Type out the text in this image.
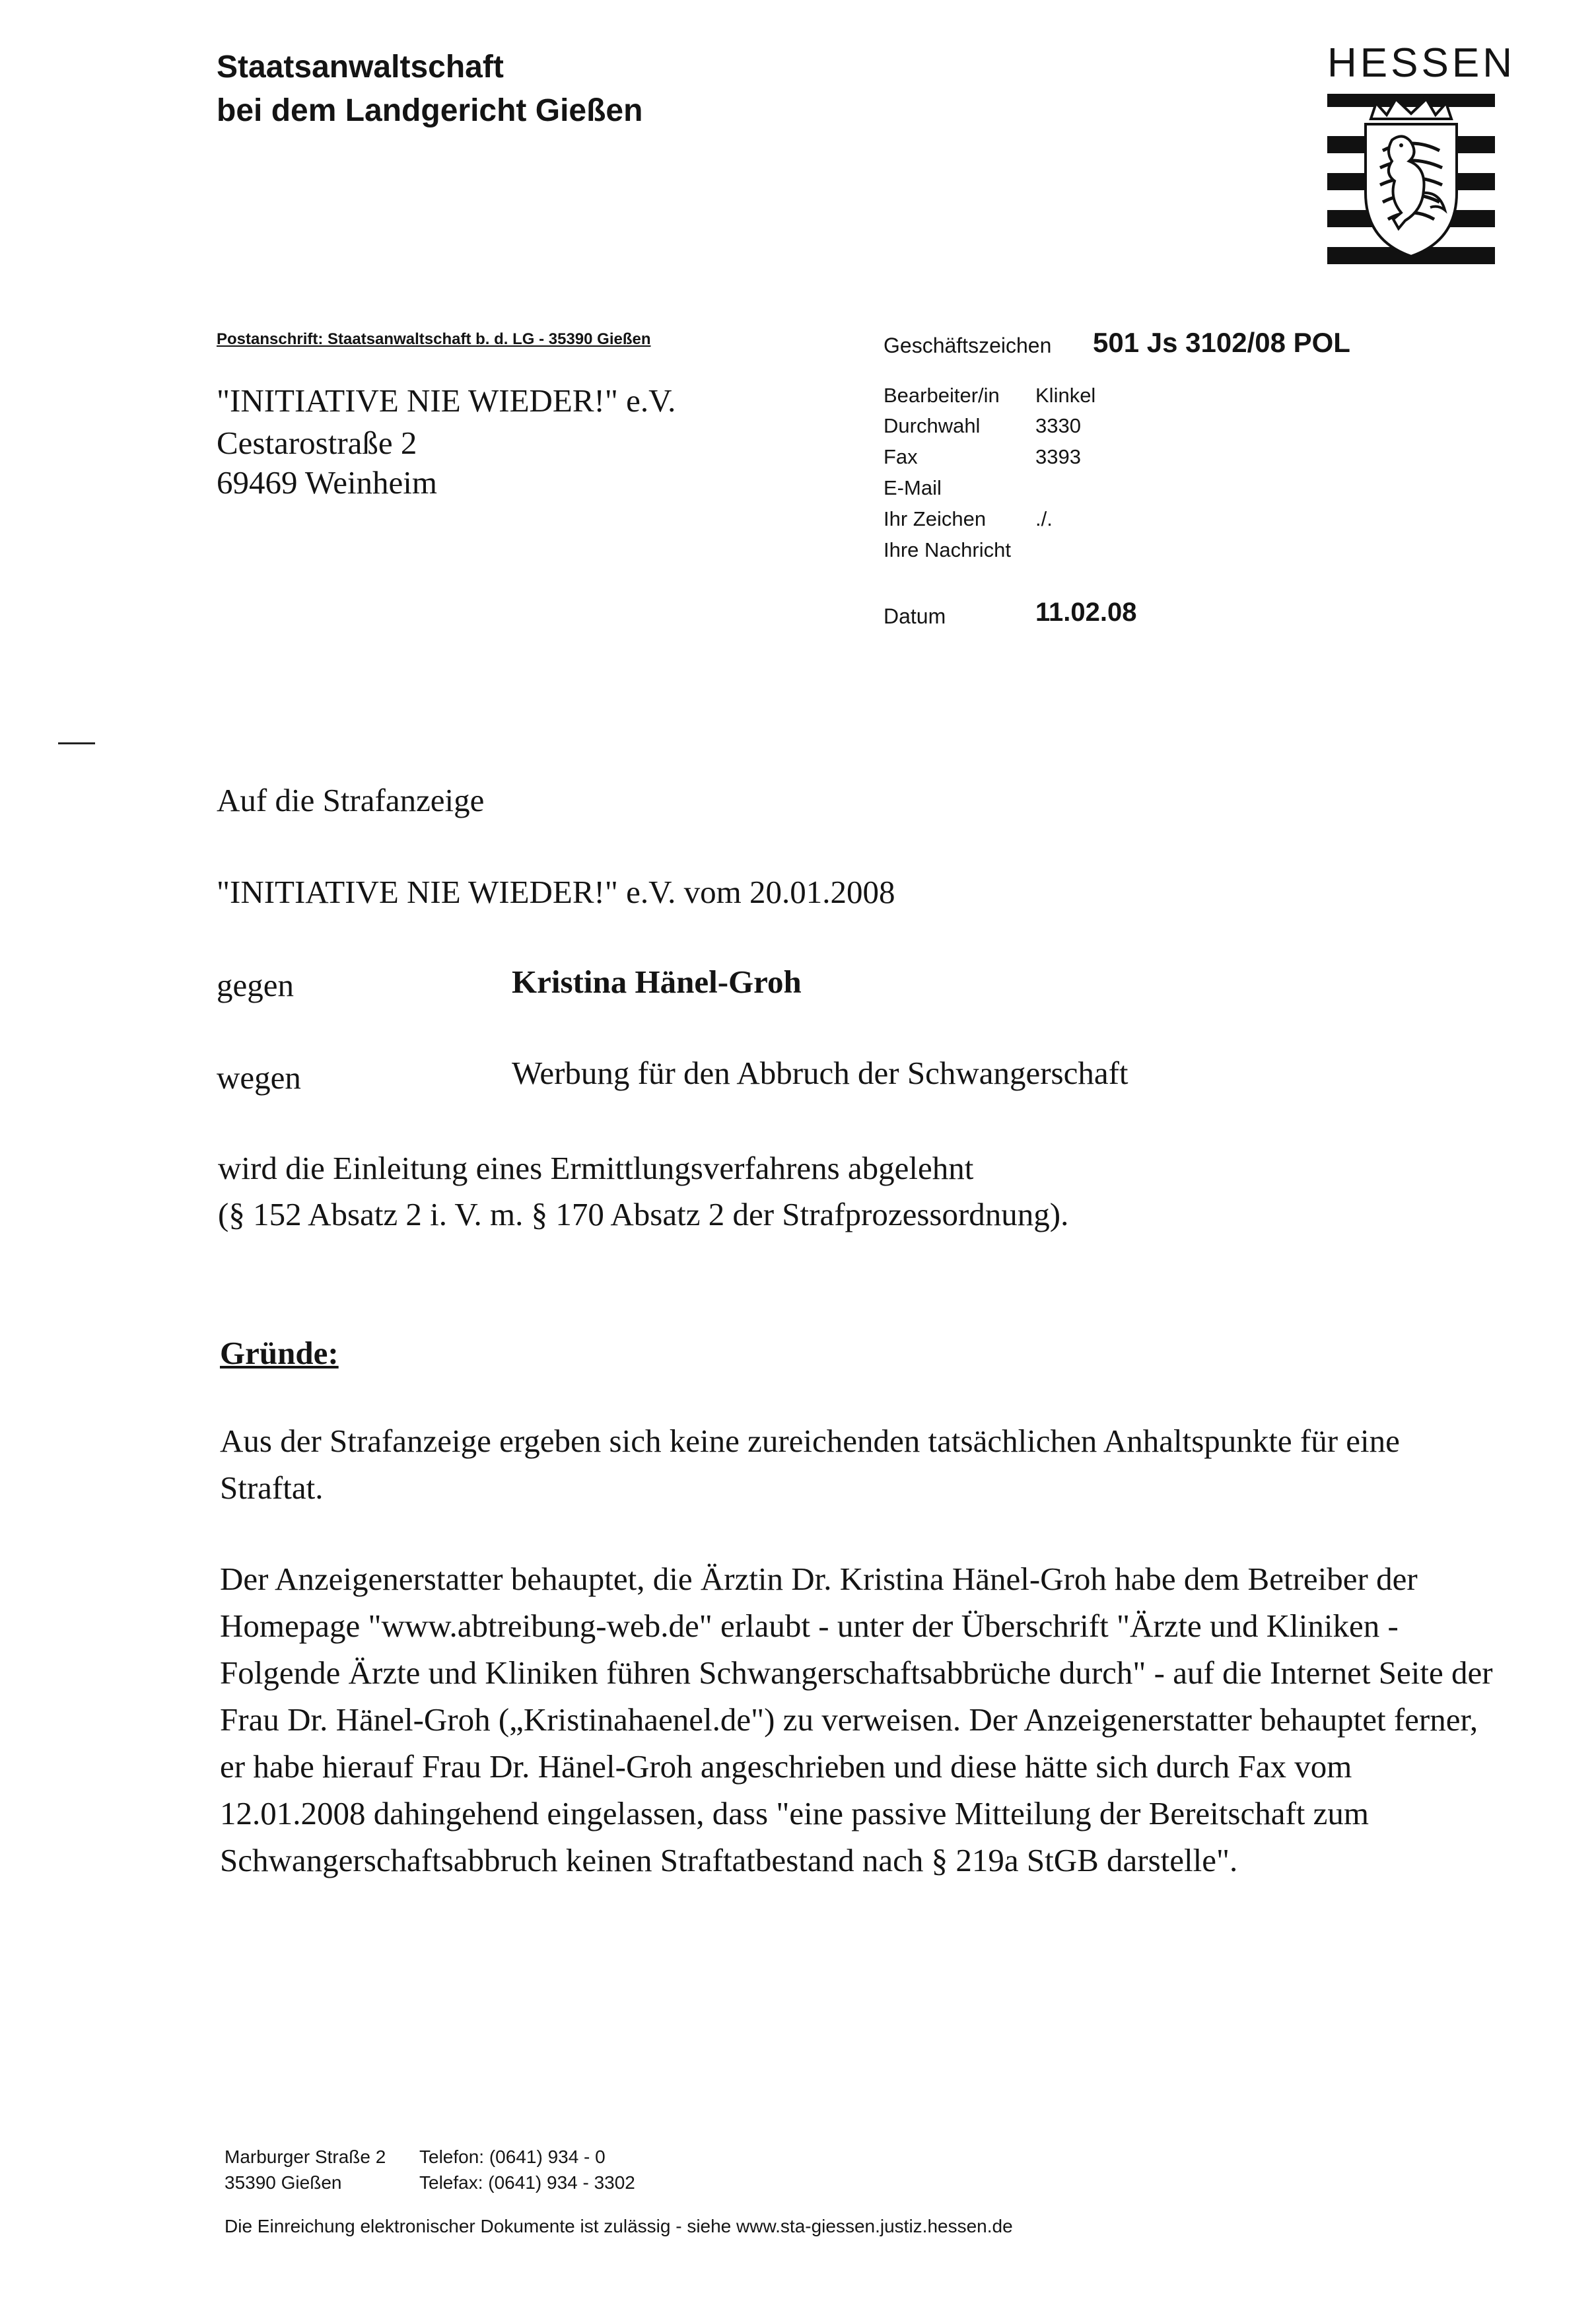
Staatsanwaltschaft
bei dem Landgericht Gießen
HESSEN
Postanschrift: Staatsanwaltschaft b. d. LG - 35390 Gießen
"INITIATIVE NIE WIEDER!" e.V.
Cestarostraße 2
69469 Weinheim
Geschäftszeichen 501 Js 3102/08 POL
Bearbeiter/in Klinkel
Durchwahl	3330
Fax	3393
E-Mail
Ihr Zeichen ./.
Ihre Nachricht
Datum	11.02.08
Auf die Strafanzeige
"INITIATIVE NIE WIEDER!" e.V. vom 20.01.2008
gegen	Kristina Hänel-Groh
wegen	Werbung für den Abbruch der Schwangerschaft
wird die Einleitung eines Ermittlungsverfahrens abgelehnt
(§ 152 Absatz 2 i. V. m. § 170 Absatz 2 der Strafprozessordnung).
Gründe:
Aus der Strafanzeige ergeben sich keine zureichenden tatsächlichen Anhaltspunkte für eine Straftat.
Der Anzeigenerstatter behauptet, die Ärztin Dr. Kristina Hänel-Groh habe dem Betreiber der Homepage "www.abtreibung-web.de" erlaubt - unter der Überschrift "Ärzte und Kliniken - Folgende Ärzte und Kliniken führen Schwangerschaftsabbrüche durch" - auf die Internet Seite der Frau Dr. Hänel-Groh („Kristinahaenel.de") zu verweisen. Der Anzeigenerstatter behauptet ferner, er habe hierauf Frau Dr. Hänel-Groh angeschrieben und diese hätte sich durch Fax vom 12.01.2008 dahingehend eingelassen, dass "eine passive Mitteilung der Bereitschaft zum Schwangerschaftsabbruch keinen Straftatbestand nach § 219a StGB darstelle".
Marburger Straße 2
35390 Gießen
Telefon: (0641) 934 - 0
Telefax: (0641) 934 - 3302
Die Einreichung elektronischer Dokumente ist zulässig - siehe www.sta-giessen.justiz.hessen.de
